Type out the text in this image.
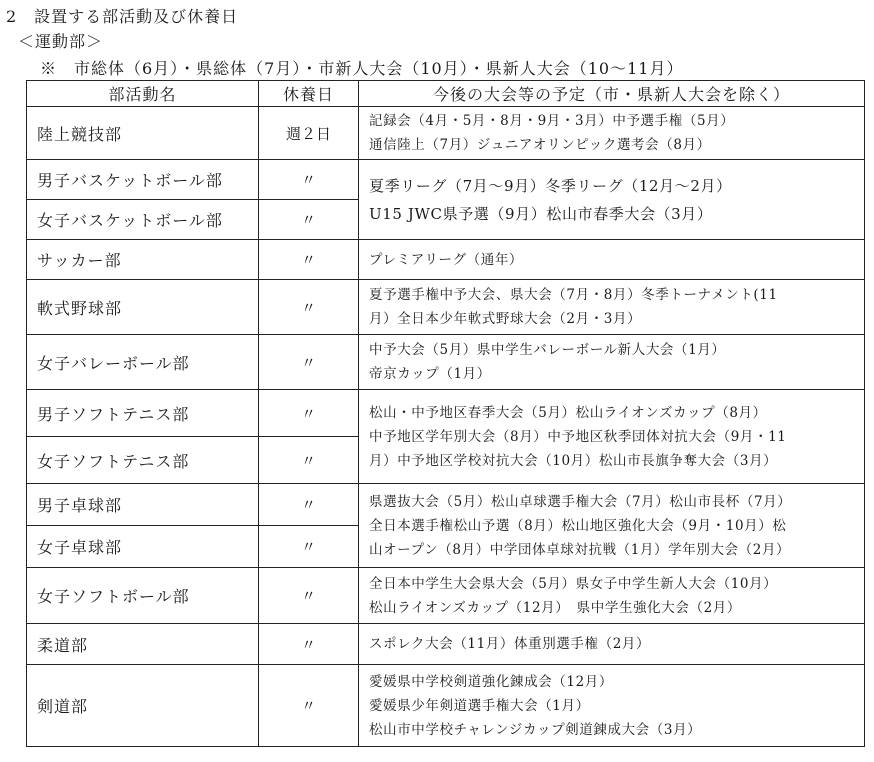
2　設置する部活動及び休養日
＜運動部＞
※　市総体（6月）・県総体（7月）・市新人大会（10月）・県新人大会（10～11月）
部活動名	休養日	今後の大会等の予定（市・県新人大会を除く）
陸上競技部	週２日	記録会（4月・5月・8月・9月・3月）中予選手権（5月）
通信陸上（7月）ジュニアオリンピック選考会（8月）

男子バスケットボール部	〃	夏季リーグ（7月～9月）冬季リーグ（12月～2月）
U15 JWC県予選（9月）松山市春季大会（3月）

女子バスケットボール部	〃	
サッカー部	〃	プレミアリーグ（通年）

軟式野球部	〃	夏予選手権中予大会、県大会（7月・8月）冬季トーナメント(11
月）全日本少年軟式野球大会（2月・3月）

女子バレーボール部	〃	中予大会（5月）県中学生バレーボール新人大会（1月）
帝京カップ（1月）

男子ソフトテニス部	〃	松山・中予地区春季大会（5月）松山ライオンズカップ（8月）
中予地区学年別大会（8月）中予地区秋季団体対抗大会（9月・11
月）中予地区学校対抗大会（10月）松山市長旗争奪大会（3月）

女子ソフトテニス部	〃	
男子卓球部	〃	県選抜大会（5月）松山卓球選手権大会（7月）松山市長杯（7月）
全日本選手権松山予選（8月）松山地区強化大会（9月・10月）松
山オープン（8月）中学団体卓球対抗戦（1月）学年別大会（2月）

女子卓球部	〃	
女子ソフトボール部	〃	全日本中学生大会県大会（5月）県女子中学生新人大会（10月）
松山ライオンズカップ（12月）　県中学生強化大会（2月）

柔道部	〃	スポレク大会（11月）体重別選手権（2月）

剣道部	〃	愛媛県中学校剣道強化錬成会（12月）
愛媛県少年剣道選手権大会（1月）
松山市中学校チャレンジカップ剣道錬成大会（3月）
